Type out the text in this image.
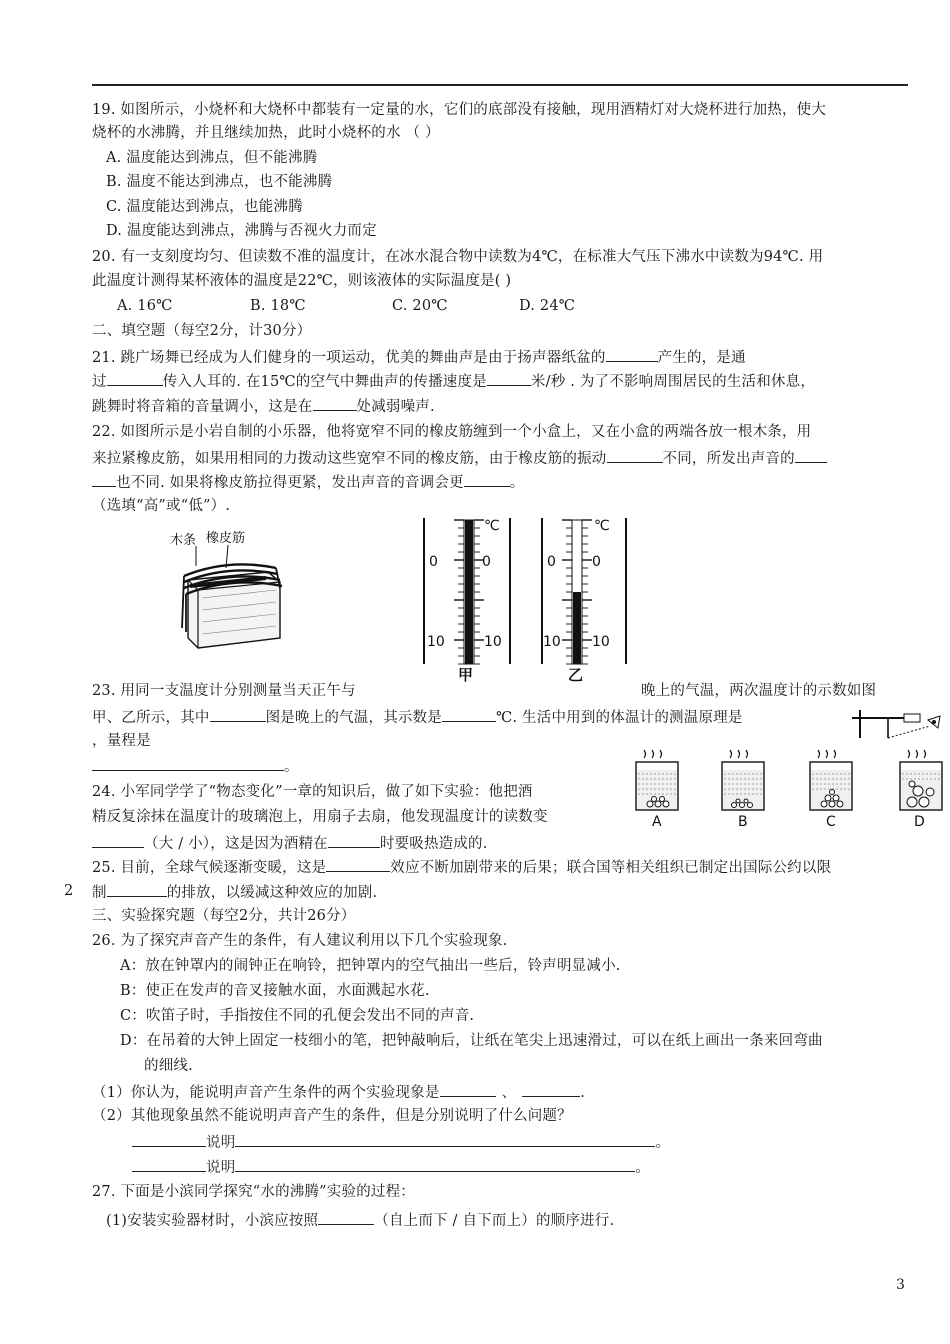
19. 如图所示，小烧杯和大烧杯中都装有一定量的水，它们的底部没有接触，现用酒精灯对大烧杯进行加热，使大
烧杯的水沸腾，并且继续加热，此时小烧杯的水 （ ）
A. 温度能达到沸点，但不能沸腾
B. 温度不能达到沸点，也不能沸腾
C. 温度能达到沸点，也能沸腾
D. 温度能达到沸点，沸腾与否视火力而定
20. 有一支刻度均匀、但读数不准的温度计，在冰水混合物中读数为4℃，在标准大气压下沸水中读数为94℃. 用
此温度计测得某杯液体的温度是22℃，则该液体的实际温度是( )
A. 16℃	B. 18℃	C. 20℃	D. 24℃
二、填空题（每空2分，计30分）
21. 跳广场舞已经成为人们健身的一项运动，优美的舞曲声是由于扬声器纸盆的	产生的，是通
过	传入人耳的. 在15℃的空气中舞曲声的传播速度是	米/秒 . 为了不影响周围居民的生活和休息，
跳舞时将音箱的音量调小，这是在	处减弱噪声.
22. 如图所示是小岩自制的小乐器，他将宽窄不同的橡皮筋缠到一个小盒上，又在小盒的两端各放一根木条，用
来拉紧橡皮筋，如果用相同的力拨动这些宽窄不同的橡皮筋，由于橡皮筋的振动	不同，所发出声音的
也不同. 如果将橡皮筋拉得更紧，发出声音的音调会更	。
（选填“高”或“低”）.
木条 橡皮筋
℃
0	0
10	10
甲
℃
0	0
10 10
乙
23. 用同一支温度计分别测量当天正午与	晚上的气温，两次温度计的示数如图
甲、乙所示，其中	图是晚上的气温，其示数是	℃. 生活中用到的体温计的测温原理是
，量程是
。
24. 小军同学学了“物态变化”一章的知识后，做了如下实验：他把酒
精反复涂抹在温度计的玻璃泡上，用扇子去扇，他发现温度计的读数变
（大 / 小），这是因为酒精在	时要吸热造成的.
A	B	C	D
2
25. 目前，全球气候逐渐变暖，这是	效应不断加剧带来的后果；联合国等相关组织已制定出国际公约以限
制	的排放，以缓减这种效应的加剧.
三、实验探究题（每空2分，共计26分）
26. 为了探究声音产生的条件，有人建议利用以下几个实验现象.
A：放在钟罩内的闹钟正在响铃，把钟罩内的空气抽出一些后，铃声明显减小.
B：使正在发声的音叉接触水面，水面溅起水花.
C：吹笛子时，手指按住不同的孔便会发出不同的声音.
D：在吊着的大钟上固定一枝细小的笔，把钟敲响后，让纸在笔尖上迅速滑过，可以在纸上画出一条来回弯曲
的细线.
（1）你认为，能说明声音产生条件的两个实验现象是	、	.
（2）其他现象虽然不能说明声音产生的条件，但是分别说明了什么问题？
说明	。
说明	。
27. 下面是小滨同学探究“水的沸腾”实验的过程：
(1)安装实验器材时，小滨应按照	（自上而下 / 自下而上）的顺序进行.
3
